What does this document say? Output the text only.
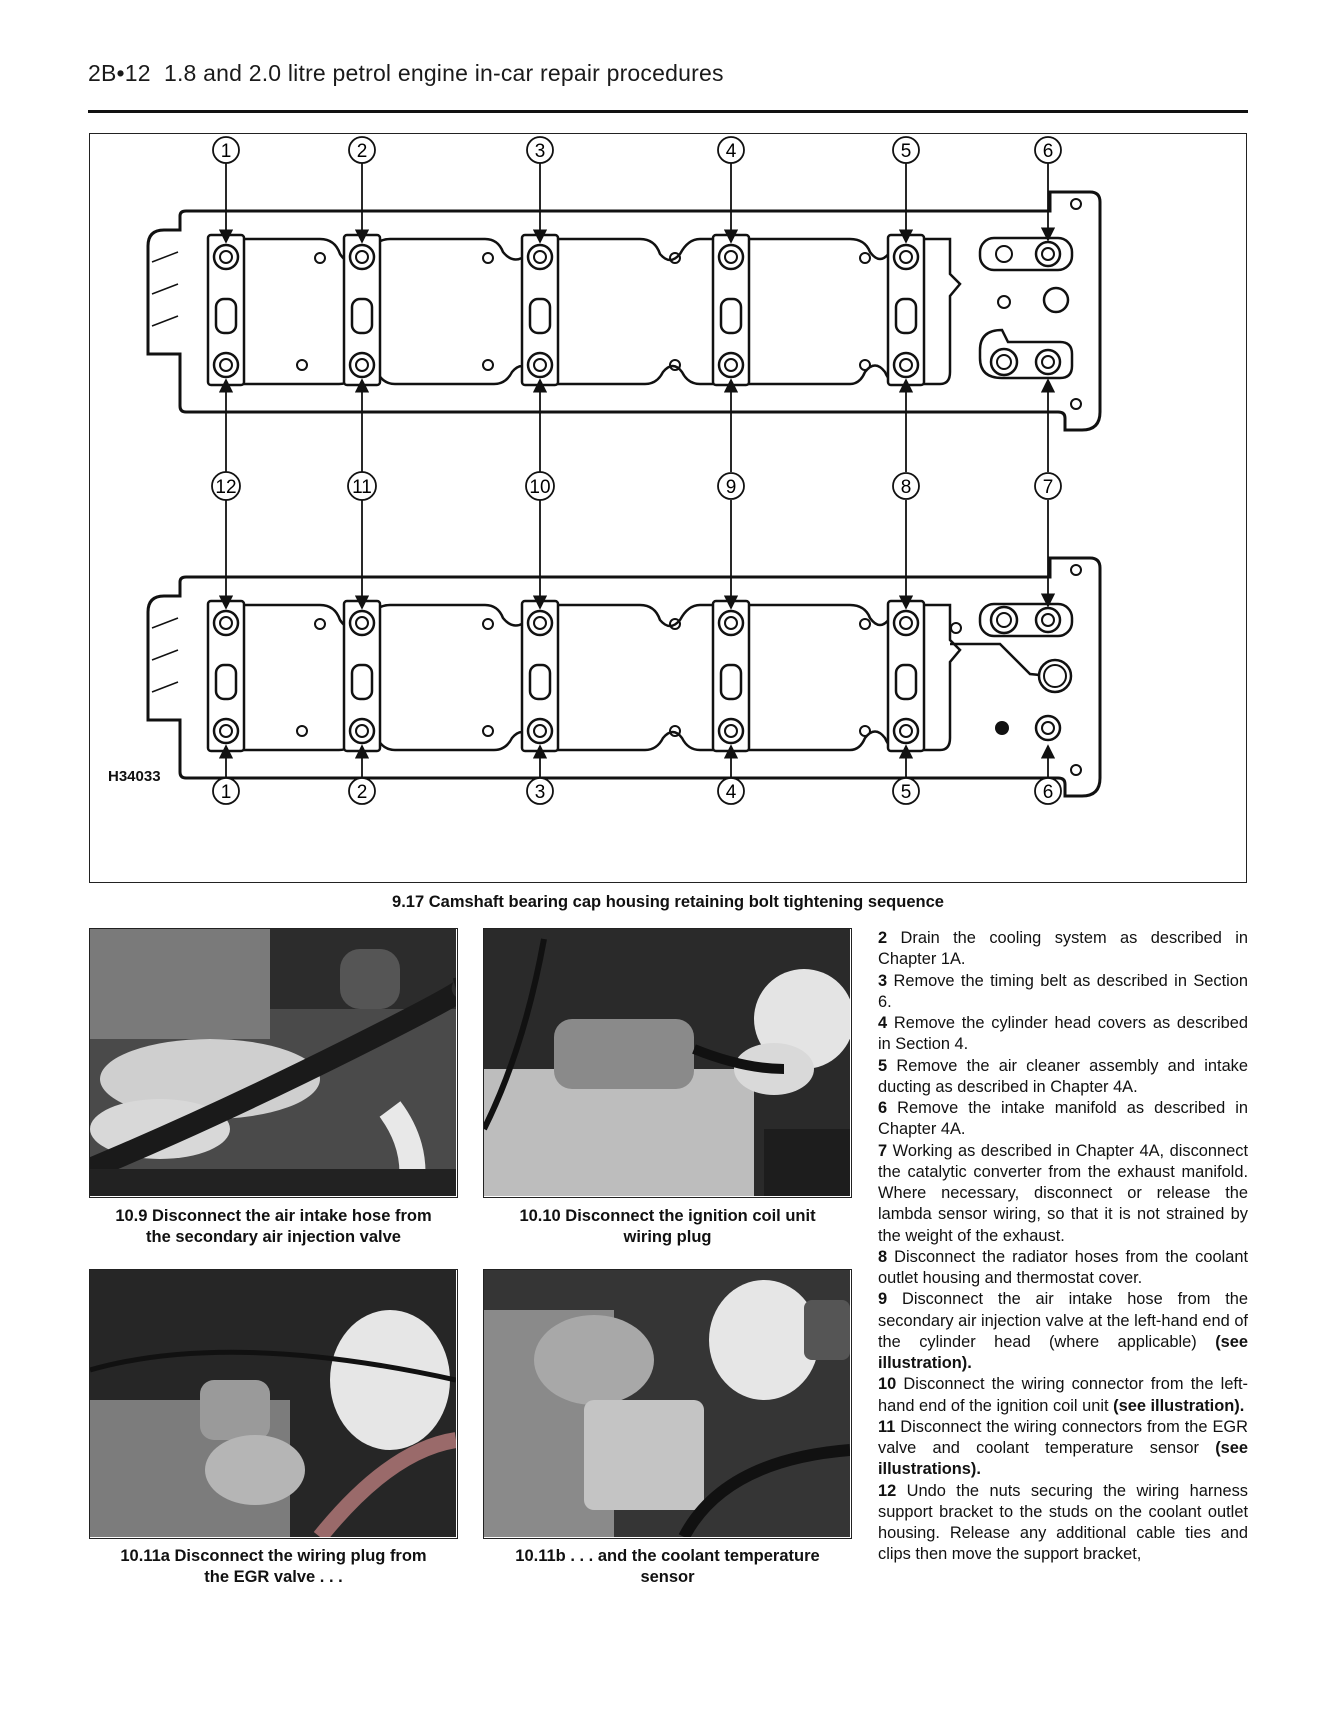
2B•12 1.8 and 2.0 litre petrol engine in-car repair procedures
1	2	3	4	5	6
12	11	10	9	8	7
1	2	3	4	5	6
H34033
9.17 Camshaft bearing cap housing retaining bolt tightening sequence
10.9 Disconnect the air intake hose from
the secondary air injection valve
10.10 Disconnect the ignition coil unit
wiring plug
10.11a Disconnect the wiring plug from
the EGR valve . . .
10.11b . . . and the coolant temperature
sensor

2 Drain the cooling system as described in Chapter 1A.

3 Remove the timing belt as described in Section 6.

4 Remove the cylinder head covers as described in Section 4.

5 Remove the air cleaner assembly and intake ducting as described in Chapter 4A.

6 Remove the intake manifold as described in Chapter 4A.

7 Working as described in Chapter 4A, disconnect the catalytic converter from the exhaust manifold. Where necessary, disconnect or release the lambda sensor wiring, so that it is not strained by the weight of the exhaust.

8 Disconnect the radiator hoses from the coolant outlet housing and thermostat cover.

9 Disconnect the air intake hose from the secondary air injection valve at the left-hand end of the cylinder head (where applicable) (see illustration).

10 Disconnect the wiring connector from the left-hand end of the ignition coil unit (see illustration).

11 Disconnect the wiring connectors from the EGR valve and coolant temperature sensor (see illustrations).

12 Undo the nuts securing the wiring harness support bracket to the studs on the coolant outlet housing. Release any additional cable ties and clips then move the support bracket,
